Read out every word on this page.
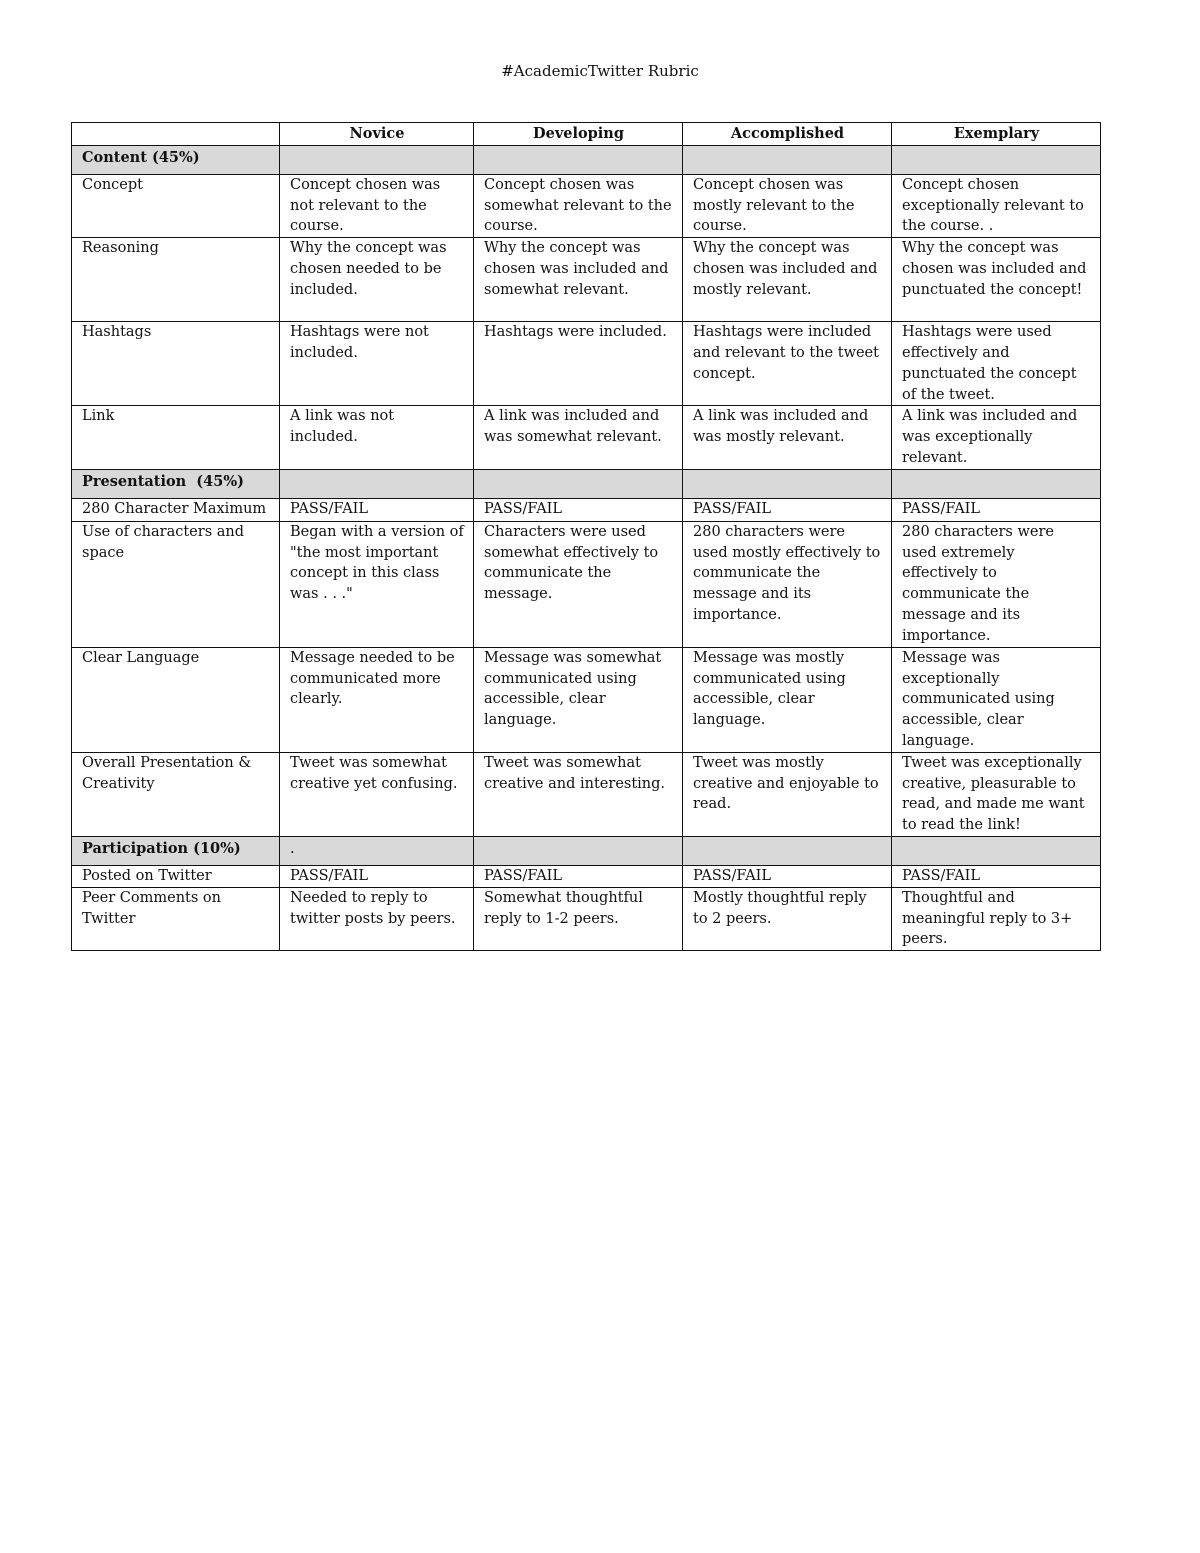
#AcademicTwitter Rubric
	Novice	Developing	Accomplished	Exemplary
Content (45%)				
Concept	Concept chosen was not relevant to the course.	Concept chosen was somewhat relevant to the course.	Concept chosen was mostly relevant to the course.	Concept chosen exceptionally relevant to the course. .
Reasoning	Why the concept was chosen needed to be included.	Why the concept was chosen was included and somewhat relevant.	Why the concept was chosen was included and mostly relevant.	Why the concept was chosen was included and punctuated the concept!
Hashtags	Hashtags were not included.	Hashtags were included.	Hashtags were included and relevant to the tweet concept.	Hashtags were used effectively and punctuated the concept of the tweet.
Link	A link was not included.	A link was included and was somewhat relevant.	A link was included and was mostly relevant.	A link was included and was exceptionally relevant.
Presentation  (45%)				
280 Character Maximum	PASS/FAIL	PASS/FAIL	PASS/FAIL	PASS/FAIL
Use of characters and space	Began with a version of "the most important concept in this class was . . ."	Characters were used somewhat effectively to communicate the message.	280 characters were used mostly effectively to communicate the message and its importance.	280 characters were used extremely effectively to communicate the message and its importance.
Clear Language	Message needed to be communicated more clearly.	Message was somewhat communicated using accessible, clear language.	Message was mostly communicated using accessible, clear language.	Message was exceptionally communicated using accessible, clear language.
Overall Presentation & Creativity	Tweet was somewhat creative yet confusing.	Tweet was somewhat creative and interesting.	Tweet was mostly creative and enjoyable to read.	Tweet was exceptionally creative, pleasurable to read, and made me want to read the link!
Participation (10%)	.			
Posted on Twitter	PASS/FAIL	PASS/FAIL	PASS/FAIL	PASS/FAIL
Peer Comments on Twitter	Needed to reply to twitter posts by peers.	Somewhat thoughtful reply to 1-2 peers.	Mostly thoughtful reply to 2 peers.	Thoughtful and meaningful reply to 3+ peers.
